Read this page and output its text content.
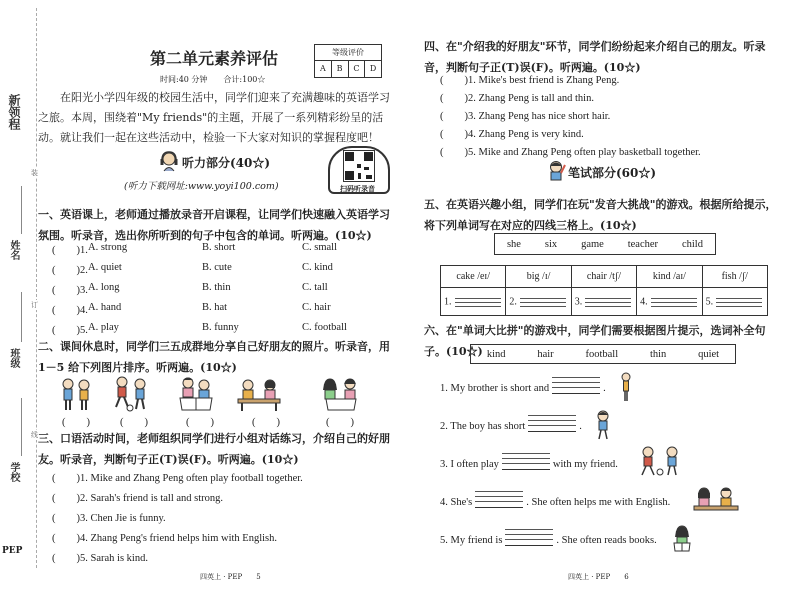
新领程
装
订
线
姓名
班级
学校
PEP
第二单元素养评估
时间:40 分钟　　合计:100☆
等级评价
A	B	C	D
在阳光小学四年级的校园生活中，同学们迎来了充满趣味的英语学习之旅。本周，围绕着"My friends"的主题，开展了一系列精彩纷呈的活动。就让我们一起在这些活动中，检验一下大家对知识的掌握程度吧！
听力部分(40☆)
(听力下载网址:www.yoyi100.com)	扫码听录音
一、英语课上，老师通过播放录音开启课程，让同学们快速融入英语学习氛围。听录音，选出你所听到的句子中包含的单词。听两遍。(10☆)
(　　)1. A. strong	B. short	C. small
(　　)2. A. quiet	B. cute	C. kind
(　　)3. A. long	B. thin	C. tall
(　　)4. A. hand	B. hat	C. hair
(　　)5. A. play	B. funny	C. football
二、课间休息时，同学们三五成群地分享自己好朋友的照片。听录音，用 1－5 给下列图片排序。听两遍。(10☆)
(　　)	(　　)	(　　)	(　　)	(　　)
三、口语活动时间，老师组织同学们进行小组对话练习，介绍自己的好朋友。听录音，判断句子正(T)误(F)。听两遍。(10☆)
(　　)1. Mike and Zhang Peng often play football together.
(　　)2. Sarah's friend is tall and strong.
(　　)3. Chen Jie is funny.
(　　)4. Zhang Peng's friend helps him with English.
(　　)5. Sarah is kind.
四英上 · PEP　　5
四、在"介绍我的好朋友"环节，同学们纷纷起来介绍自己的朋友。听录音，判断句子正(T)误(F)。听两遍。(10☆)
(　　)1. Mike's best friend is Zhang Peng.
(　　)2. Zhang Peng is tall and thin.
(　　)3. Zhang Peng has nice short hair.
(　　)4. Zhang Peng is very kind.
(　　)5. Mike and Zhang Peng often play basketball together.
笔试部分(60☆)
五、在英语兴趣小组，同学们在玩"发音大挑战"的游戏。根据所给提示，将下列单词写在对应的四线三格上。(10☆)
she six game teacher child
cake /eɪ/	big /ɪ/	chair /tʃ/	kind /aɪ/	fish /ʃ/
1.	2.	3.	4.	5.
六、在"单词大比拼"的游戏中，同学们需要根据图片提示，选词补全句子。(10☆) kind	hair	football	thin	quiet
1. My brother is short and	.
2. The boy has short	.
3. I often play	with my friend.
4. She's	. She often helps me with English.
5. My friend is	. She often reads books.
四英上 · PEP　　6
